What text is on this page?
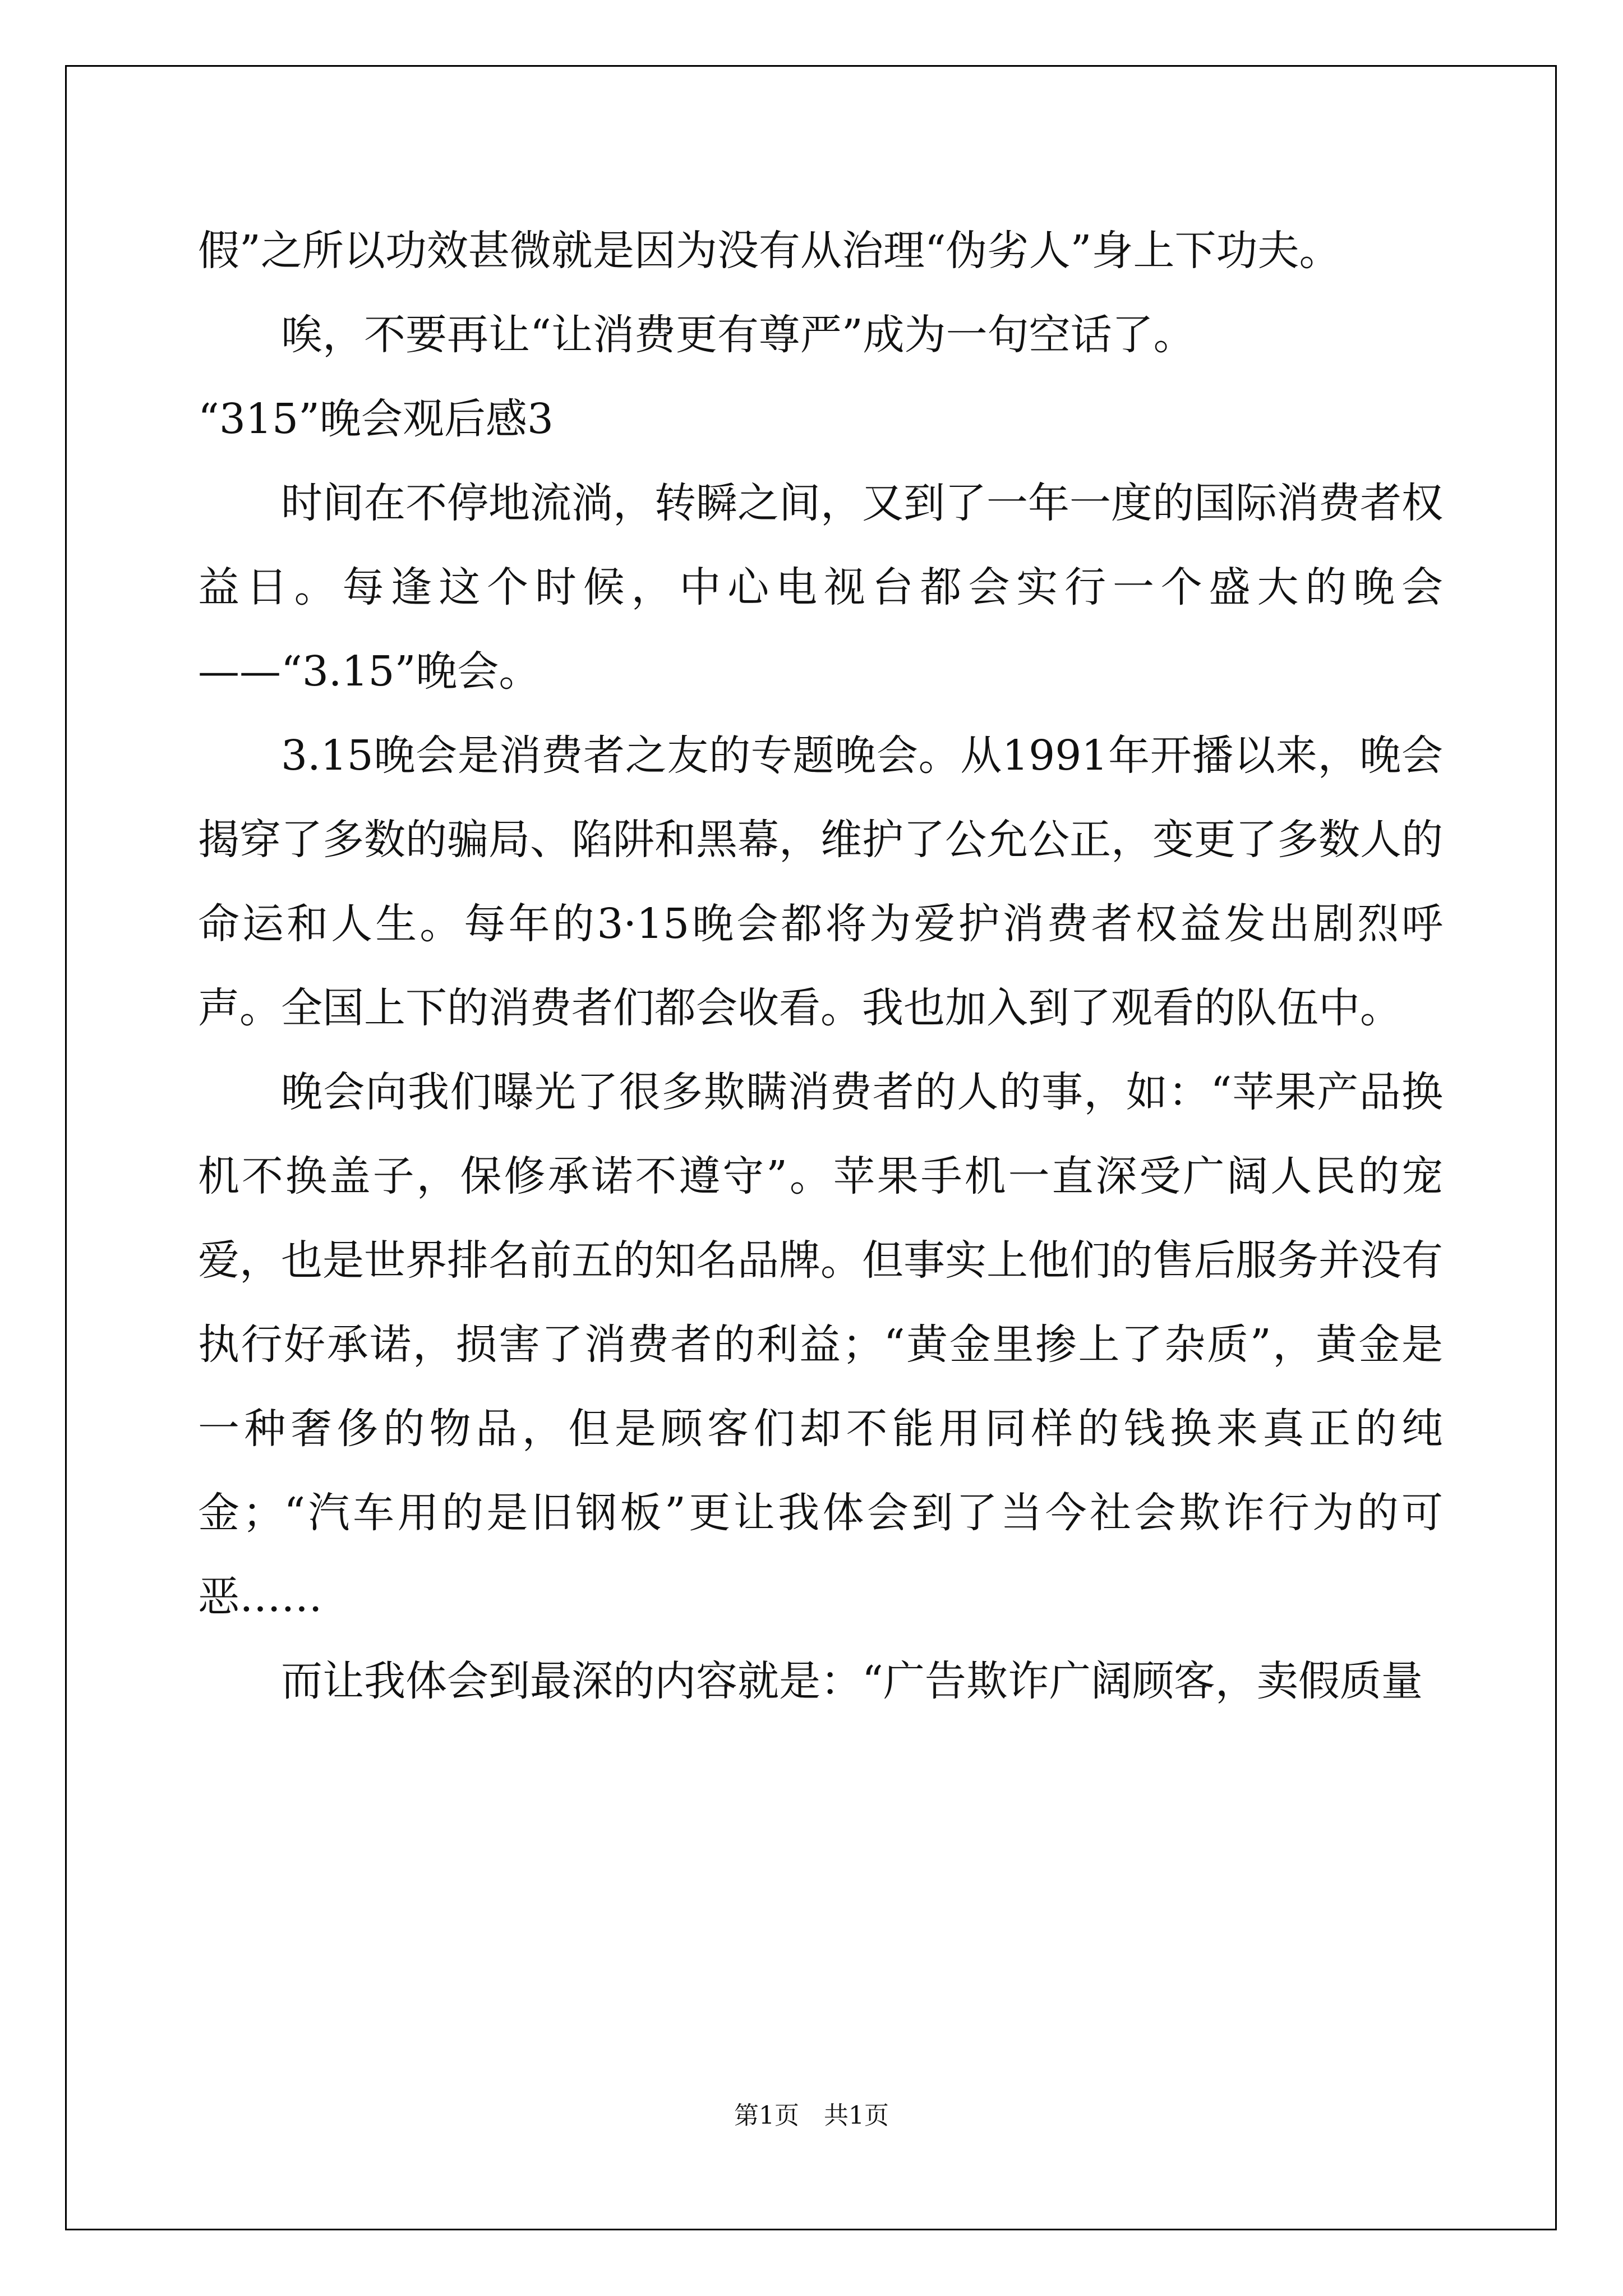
假”之所以功效甚微就是因为没有从治理“伪劣人”身上下功夫。

唉，不要再让“让消费更有尊严”成为一句空话了。

“315”晚会观后感3

时间在不停地流淌，转瞬之间，又到了一年一度的国际消费者权益日。每逢这个时候，中心电视台都会实行一个盛大的晚会——“3.15”晚会。

3.15晚会是消费者之友的专题晚会。从1991年开播以来，晚会揭穿了多数的骗局、陷阱和黑幕，维护了公允公正，变更了多数人的命运和人生。每年的3·15晚会都将为爱护消费者权益发出剧烈呼声。全国上下的消费者们都会收看。我也加入到了观看的队伍中。

晚会向我们曝光了很多欺瞒消费者的人的事，如：“苹果产品换机不换盖子，保修承诺不遵守”。苹果手机一直深受广阔人民的宠爱，也是世界排名前五的知名品牌。但事实上他们的售后服务并没有执行好承诺，损害了消费者的利益；“黄金里掺上了杂质”，黄金是一种奢侈的物品，但是顾客们却不能用同样的钱换来真正的纯金；“汽车用的是旧钢板”更让我体会到了当今社会欺诈行为的可恶……

而让我体会到最深的内容就是：“广告欺诈广阔顾客，卖假质量

第1页　共1页
